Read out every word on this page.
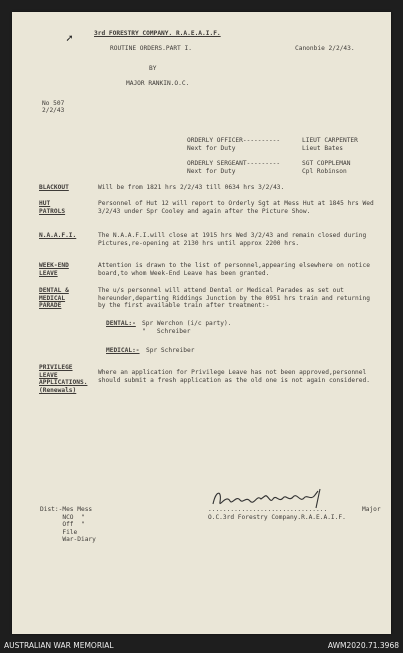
➚	3rd FORESTRY COMPANY. R.A.E.A.I.F.

ROUTINE ORDERS.PART I.	Canonbie 2/2/43.

BY

MAJOR RANKIN.O.C.

No 507

2/2/43

ORDERLY OFFICER----------	LIEUT CARPENTER

Next for Duty	Lieut Bates

ORDERLY SERGEANT---------	SGT COPPLEMAN

Next for Duty	Cpl Robinson

BLACKOUT	Will be from 1821 hrs 2/2/43 till 0634 hrs 3/2/43.

HUT
PATROLS

Personnel of Hut 12 will report to Orderly Sgt at Mess Hut at 1845 hrs Wed 3/2/43 under Spr Cooley and again after the Picture Show.

N.A.A.F.I.	The N.A.A.F.I.will close at 1915 hrs Wed 3/2/43 and remain closed during Pictures,re-opening at 2130 hrs until approx 2200 hrs.

WEEK-END
LEAVE

Attention is drawn to the list of personnel,appearing elsewhere on notice board,to whom Week-End Leave has been granted.

DENTAL &
MEDICAL
PARADE

The u/s personnel will attend Dental or Medical Parades as set out hereunder,departing Riddings Junction by the 0951 hrs train and returning by the first available train after treatment:-

DENTAL:- Spr Werchon (i/c party).

"   Schreiber

MEDICAL:- Spr Schreiber

PRIVILEGE
LEAVE
APPLICATIONS.
(Renewals)

Where an application for Privilege Leave has not been approved,personnel should submit a fresh application as the old one is not again considered.

................................	Major

O.C.3rd Forestry Company.R.A.E.A.I.F.

Dist:-Mes Mess
NCO  "
Off  "
File
War-Diary

AUSTRALIAN WAR MEMORIAL	AWM2020.71.3968
